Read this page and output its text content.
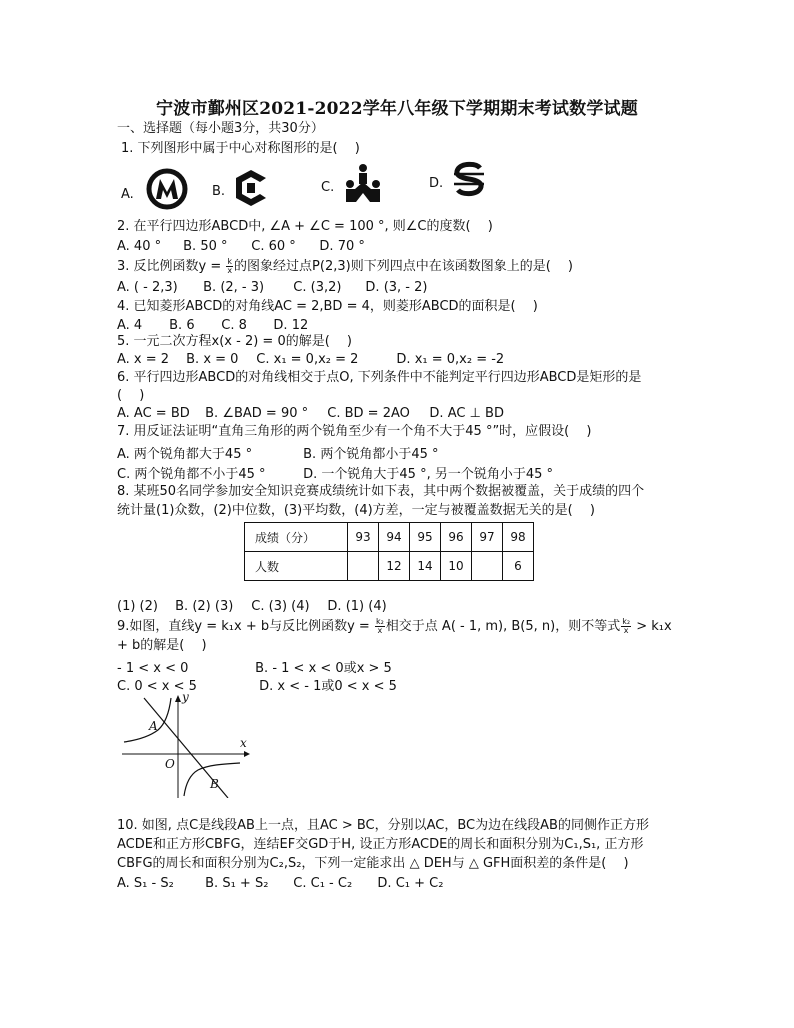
宁波市鄞州区2021-2022学年八年级下学期期末考试数学试题
一、选择题（每小题3分，共30分）
1. 下列图形中属于中心对称图形的是(　 )
A.	B.	C.	D.
2. 在平行四边形ABCD中, ∠A + ∠C = 100 °, 则∠C的度数(　 )
A. 40 ° B. 50 ° C. 60 ° D. 70 °
3. 反比例函数$y = \frac{k}{x}$ 的图象经过点P(2,3)则下列四点中在该函数图象上的是(　 )
A. ( - 2,3) B. (2, - 3) C. (3,2) D. (3, - 2)
4. 已知菱形ABCD的对角线AC = 2,BD = 4，则菱形ABCD的面积是(　 )
A. 4 B. 6 C. 8 D. 12
5. 一元二次方程x(x - 2) = 0的解是(　 )
A. x = 2 B. x = 0 C. x₁ = 0,x₂ = 2	D. x₁ = 0,x₂ = -2
6. 平行四边形ABCD的对角线相交于点O, 下列条件中不能判定平行四边形ABCD是矩形的是
(　 )
A. AC = BD B. ∠BAD = 90 ° C. BD = 2AO D. AC ⊥ BD
7. 用反证法证明“直角三角形的两个锐角至少有一个角不大于45 °”时，应假设(　 )
A. 两个锐角都大于45 °	B. 两个锐角都小于45 °
C. 两个锐角都不小于45 °	D. 一个锐角大于45 °, 另一个锐角小于45 °
8. 某班50名同学参加安全知识竞赛成绩统计如下表，其中两个数据被覆盖，关于成绩的四个
统计量(1)众数，(2)中位数，(3)平均数，(4)方差，一定与被覆盖数据无关的是(　 )
成绩（分）	93	94	95	96	97	98
人数		12	14	10		6
(1) (2) B. (2) (3) C. (3) (4) D. (1) (4)
9.如图，直线y = k₁x + b与反比例函数$y = \frac{\text{k₂}}{x}$ 相交于点 A( - 1, m), B(5, n)，则不等式 $\frac{\text{k₂}}{x} > k_1x$
+ b的解是(　 )
- 1 < x < 0	B. - 1 < x < 0或x > 5
C. 0 < x < 5	D. x < - 1或0 < x < 5
y
x
O
A
B
10. 如图, 点C是线段AB上一点，且AC > BC，分别以AC，BC为边在线段AB的同侧作正方形
ACDE和正方形CBFG，连结EF交GD于H, 设正方形ACDE的周长和面积分别为C₁,S₁, 正方形
CBFG的周长和面积分别为C₂,S₂，下列一定能求出 △ DEH与 △ GFH面积差的条件是(　 )
A. S₁ - S₂ B. S₁ + S₂ C. C₁ - C₂ D. C₁ + C₂
